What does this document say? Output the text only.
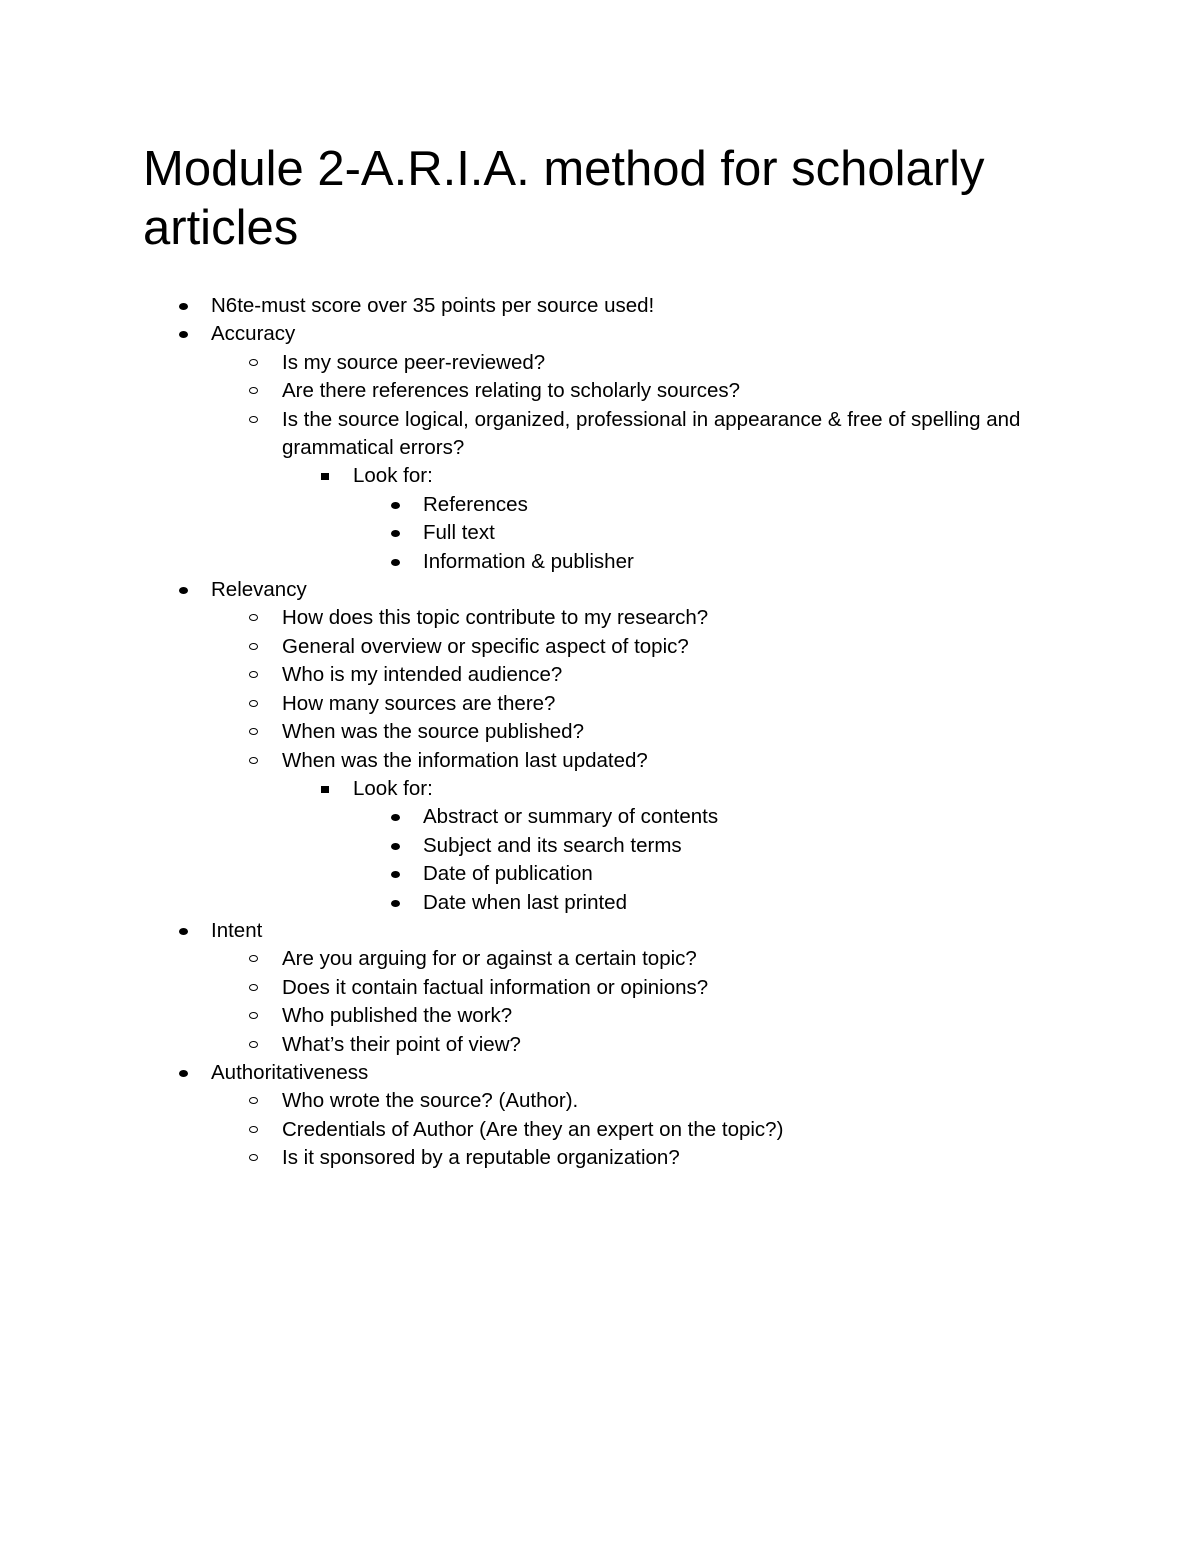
Module 2-A.R.I.A. method for scholarly articles
N6te-must score over 35 points per source used!
Accuracy
Is my source peer-reviewed?
Are there references relating to scholarly sources?
Is the source logical, organized, professional in appearance & free of spelling and grammatical errors?
Look for:
References
Full text
Information & publisher
Relevancy
How does this topic contribute to my research?
General overview or specific aspect of topic?
Who is my intended audience?
How many sources are there?
When was the source published?
When was the information last updated?
Look for:
Abstract or summary of contents
Subject and its search terms
Date of publication
Date when last printed
Intent
Are you arguing for or against a certain topic?
Does it contain factual information or opinions?
Who published the work?
What’s their point of view?
Authoritativeness
Who wrote the source? (Author).
Credentials of Author (Are they an expert on the topic?)
Is it sponsored by a reputable organization?
